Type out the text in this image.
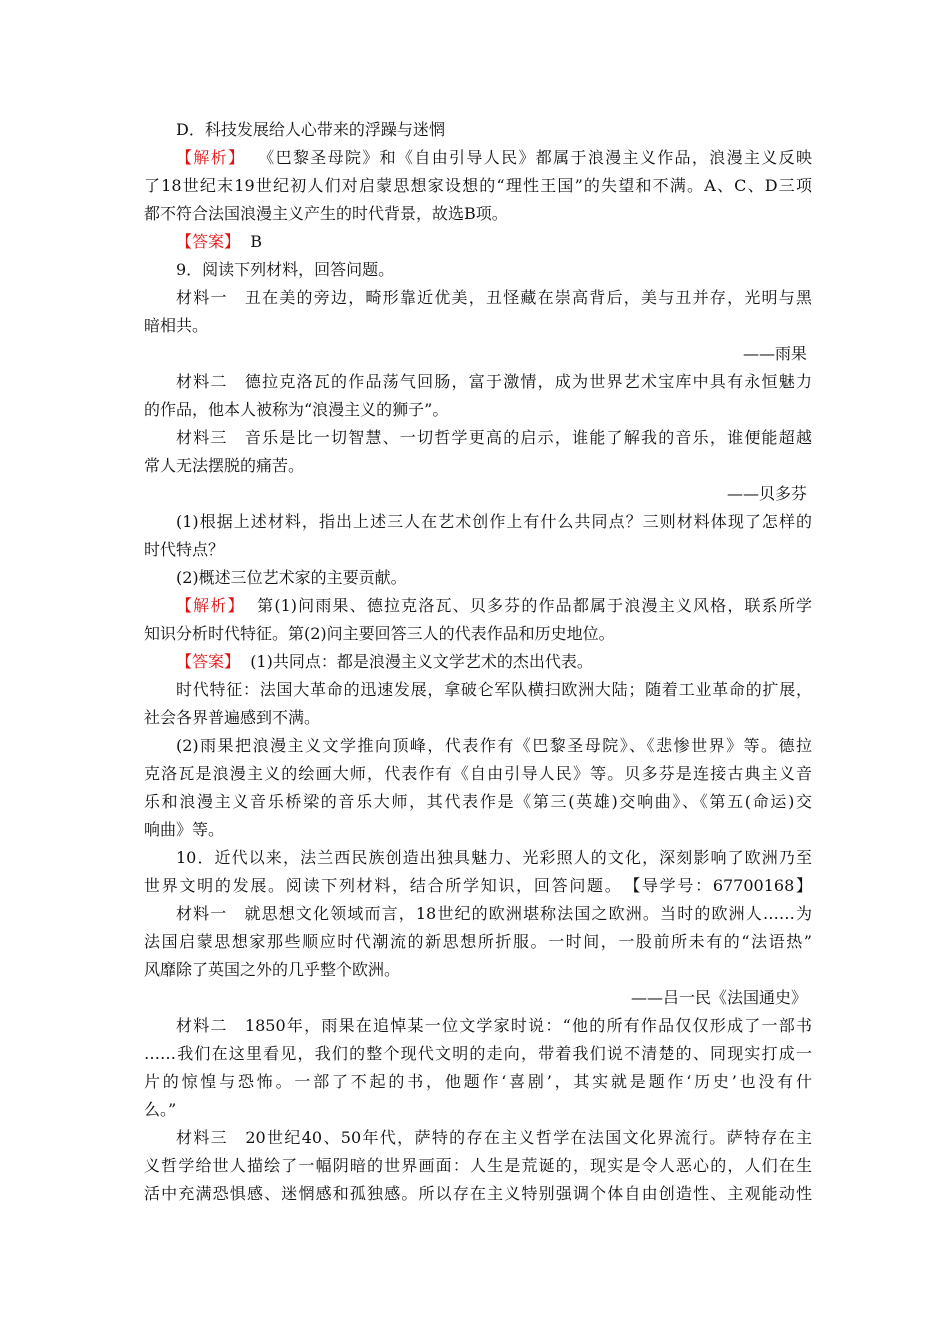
D．科技发展给人心带来的浮躁与迷惘
【解析】  《巴黎圣母院》和《自由引导人民》都属于浪漫主义作品，浪漫主义反映
了18世纪末19世纪初人们对启蒙思想家设想的“理性王国”的失望和不满。A、C、D三项
都不符合法国浪漫主义产生的时代背景，故选B项。
【答案】  B
9．阅读下列材料，回答问题。
材料一　丑在美的旁边，畸形靠近优美，丑怪藏在崇高背后，美与丑并存，光明与黑
暗相共。
——雨果
材料二　德拉克洛瓦的作品荡气回肠，富于激情，成为世界艺术宝库中具有永恒魅力
的作品，他本人被称为“浪漫主义的狮子”。
材料三　音乐是比一切智慧、一切哲学更高的启示，谁能了解我的音乐，谁便能超越
常人无法摆脱的痛苦。
——贝多芬
(1)根据上述材料，指出上述三人在艺术创作上有什么共同点？三则材料体现了怎样的
时代特点？
(2)概述三位艺术家的主要贡献。
【解析】  第(1)问雨果、德拉克洛瓦、贝多芬的作品都属于浪漫主义风格，联系所学
知识分析时代特征。第(2)问主要回答三人的代表作品和历史地位。
【答案】  (1)共同点：都是浪漫主义文学艺术的杰出代表。
时代特征：法国大革命的迅速发展，拿破仑军队横扫欧洲大陆；随着工业革命的扩展，
社会各界普遍感到不满。
(2)雨果把浪漫主义文学推向顶峰，代表作有《巴黎圣母院》、《悲惨世界》等。德拉
克洛瓦是浪漫主义的绘画大师，代表作有《自由引导人民》等。贝多芬是连接古典主义音
乐和浪漫主义音乐桥梁的音乐大师，其代表作是《第三(英雄)交响曲》、《第五(命运)交
响曲》等。
10．近代以来，法兰西民族创造出独具魅力、光彩照人的文化，深刻影响了欧洲乃至
世界文明的发展。阅读下列材料，结合所学知识，回答问题。　【导学号：67700168】
材料一　就思想文化领域而言，18世纪的欧洲堪称法国之欧洲。当时的欧洲人……为
法国启蒙思想家那些顺应时代潮流的新思想所折服。一时间，一股前所未有的“法语热”
风靡除了英国之外的几乎整个欧洲。
——吕一民《法国通史》
材料二　1850年，雨果在追悼某一位文学家时说：“他的所有作品仅仅形成了一部书
……我们在这里看见，我们的整个现代文明的走向，带着我们说不清楚的、同现实打成一
片的惊惶与恐怖。一部了不起的书，他题作‘喜剧’，其实就是题作‘历史’也没有什
么。”
材料三　20世纪40、50年代，萨特的存在主义哲学在法国文化界流行。萨特存在主
义哲学给世人描绘了一幅阴暗的世界画面：人生是荒诞的，现实是令人恶心的，人们在生
活中充满恐惧感、迷惘感和孤独感。所以存在主义特别强调个体自由创造性、主观能动性
